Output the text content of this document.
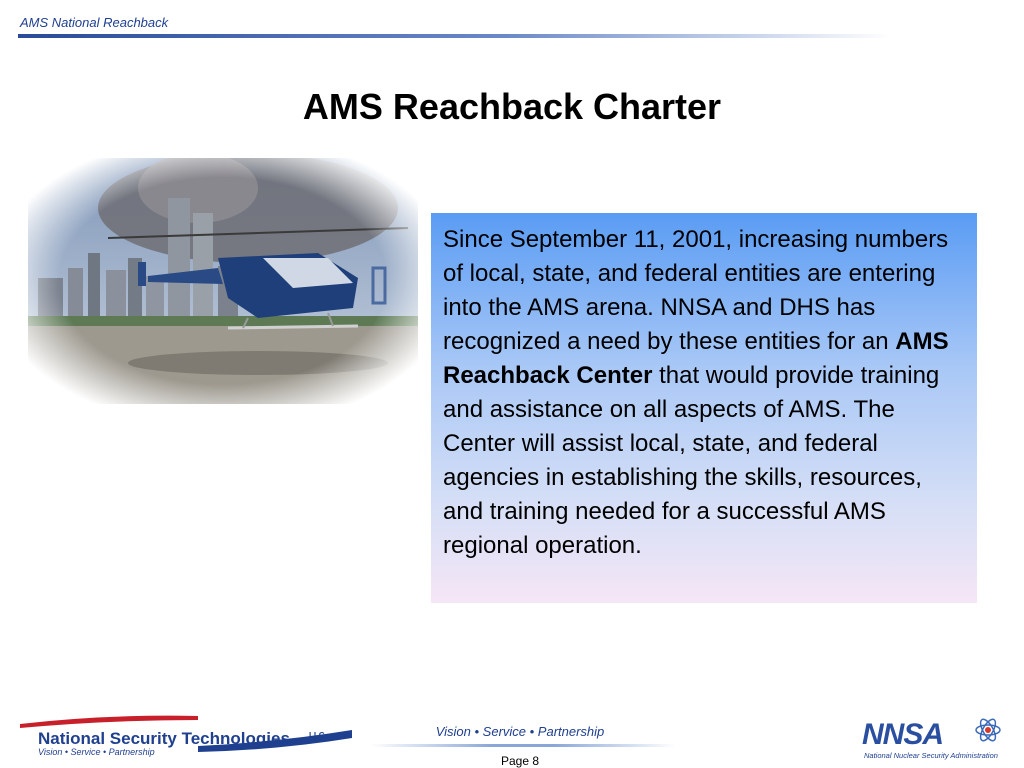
AMS National Reachback
AMS Reachback Charter
Since September 11, 2001, increasing numbers of local, state, and federal entities are entering into the AMS arena. NNSA and DHS has recognized a need by these entities for an AMS Reachback Center that would provide training and assistance on all aspects of AMS. The Center will assist local, state, and federal agencies in establishing the skills, resources, and training needed for a successful AMS regional operation.
National Security Technologies LLC
Vision • Service • Partnership
Vision • Service • Partnership
Page 8
NNSA
National Nuclear Security Administration
